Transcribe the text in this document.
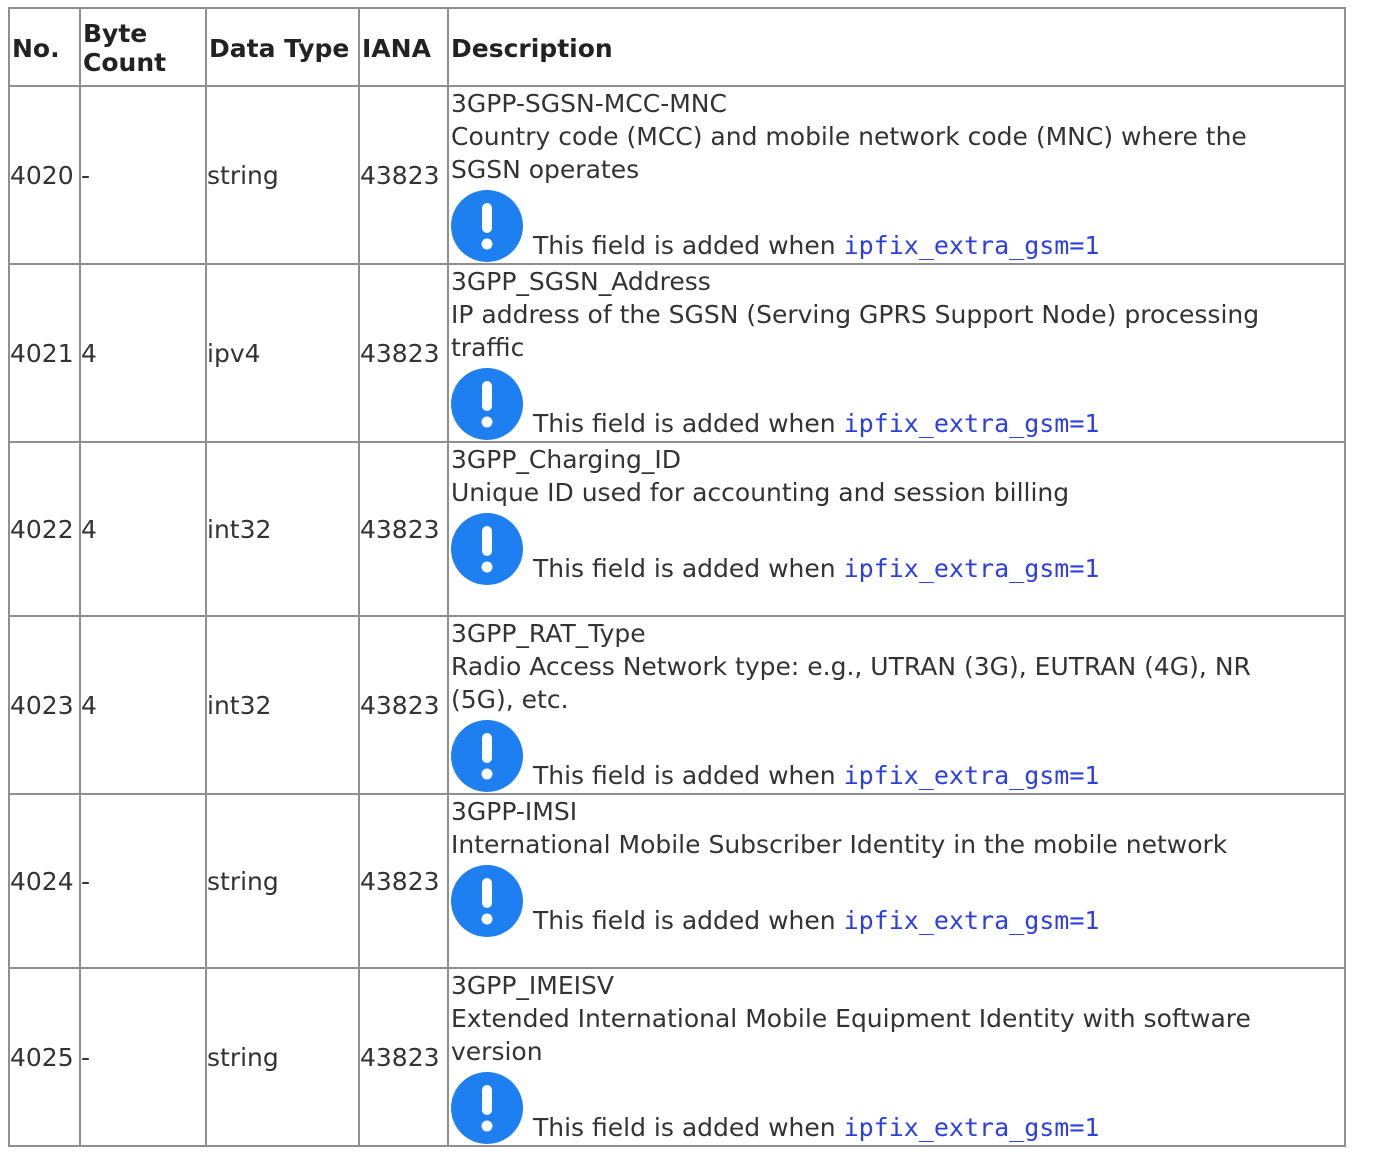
No.	Byte Count	Data Type	IANA	Description
4020	-	string	43823	3GPP-SGSN-MCC-MNC
Country code (MCC) and mobile network code (MNC) where the
SGSN operates
This field is added when ipfix_extra_gsm=1

4021	4	ipv4	43823	3GPP_SGSN_Address
IP address of the SGSN (Serving GPRS Support Node) processing
traffic
This field is added when ipfix_extra_gsm=1

4022	4	int32	43823	3GPP_Charging_ID
Unique ID used for accounting and session billing
This field is added when ipfix_extra_gsm=1

4023	4	int32	43823	3GPP_RAT_Type
Radio Access Network type: e.g., UTRAN (3G), EUTRAN (4G), NR
(5G), etc.
This field is added when ipfix_extra_gsm=1

4024	-	string	43823	3GPP-IMSI
International Mobile Subscriber Identity in the mobile network
This field is added when ipfix_extra_gsm=1

4025	-	string	43823	3GPP_IMEISV
Extended International Mobile Equipment Identity with software
version
This field is added when ipfix_extra_gsm=1
